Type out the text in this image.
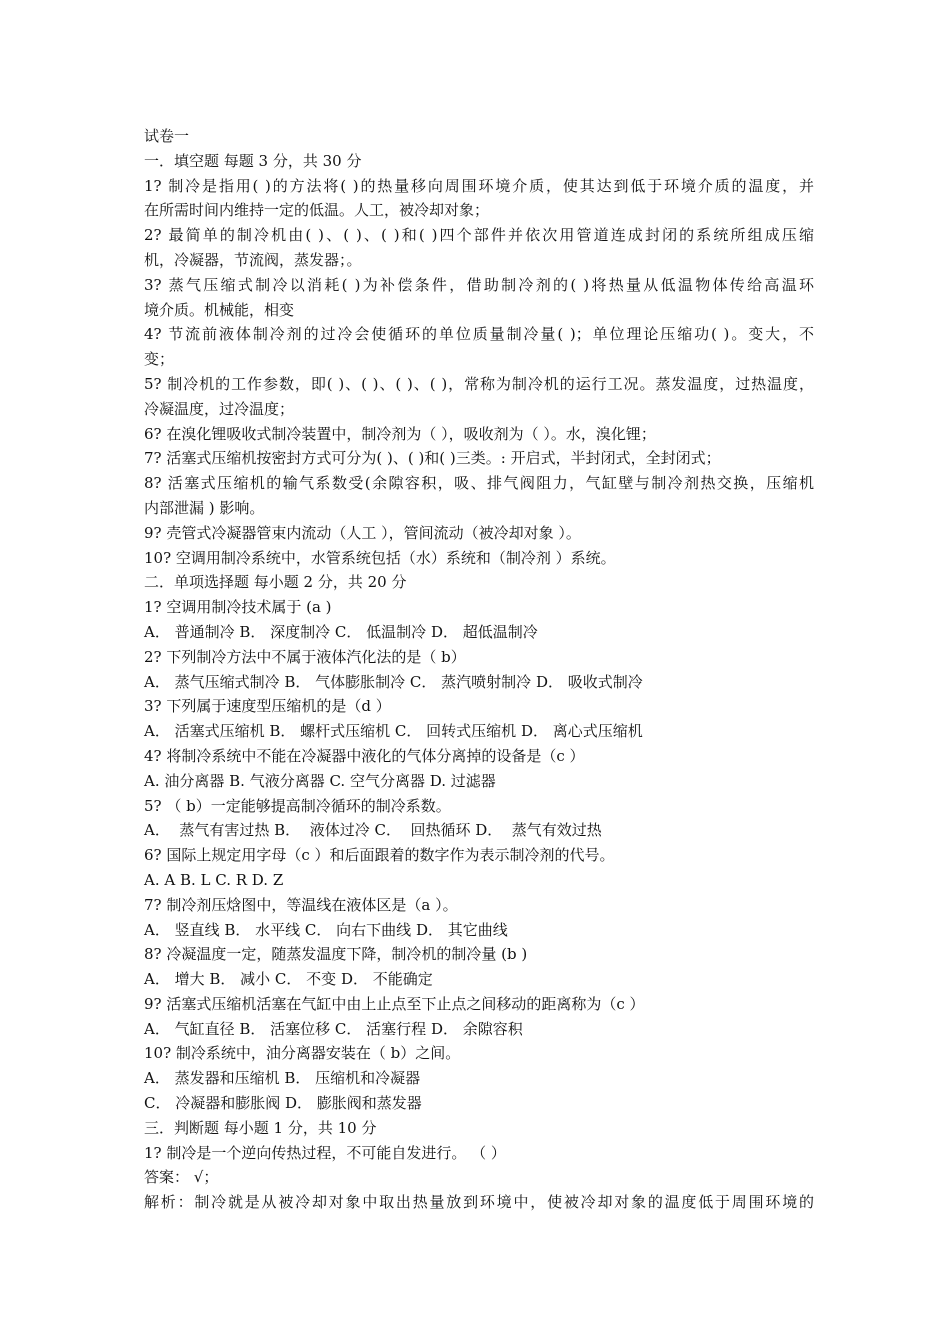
试卷一

一．填空题 每题 3 分，共 30 分

1? 制冷是指用( )的方法将( )的热量移向周围环境介质，使其达到低于环境介质的温度，并

在所需时间内维持一定的低温。人工，被冷却对象；

2? 最简单的制冷机由( )、( )、( )和( )四个部件并依次用管道连成封闭的系统所组成压缩

机，冷凝器，节流阀，蒸发器；。

3? 蒸气压缩式制冷以消耗( )为补偿条件，借助制冷剂的( )将热量从低温物体传给高温环

境介质。机械能，相变

4? 节流前液体制冷剂的过冷会使循环的单位质量制冷量( )；单位理论压缩功( )。变大，不

变；

5? 制冷机的工作参数，即( )、( )、( )、( )，常称为制冷机的运行工况。蒸发温度，过热温度，

冷凝温度，过冷温度；

6? 在溴化锂吸收式制冷装置中，制冷剂为（ ），吸收剂为（ ）。水，溴化锂；

7? 活塞式压缩机按密封方式可分为( )、( )和( )三类。: 开启式，半封闭式，全封闭式；

8? 活塞式压缩机的输气系数受(余隙容积，吸、排气阀阻力，气缸壁与制冷剂热交换，压缩机

内部泄漏 ) 影响。

9? 壳管式冷凝器管束内流动（人工 ），管间流动（被冷却对象 ）。

10? 空调用制冷系统中，水管系统包括（水）系统和（制冷剂 ）系统。

二．单项选择题 每小题 2 分，共 20 分

1? 空调用制冷技术属于 (a )

A． 普通制冷 B． 深度制冷 C． 低温制冷 D． 超低温制冷

2? 下列制冷方法中不属于液体汽化法的是（ b）

A． 蒸气压缩式制冷 B． 气体膨胀制冷 C． 蒸汽喷射制冷 D． 吸收式制冷

3? 下列属于速度型压缩机的是（d ）

A． 活塞式压缩机 B． 螺杆式压缩机 C． 回转式压缩机 D． 离心式压缩机

4? 将制冷系统中不能在冷凝器中液化的气体分离掉的设备是（c ）

A. 油分离器 B. 气液分离器 C. 空气分离器 D. 过滤器

5? （ b）一定能够提高制冷循环的制冷系数。

A．  蒸气有害过热 B．  液体过冷 C．  回热循环 D．  蒸气有效过热

6? 国际上规定用字母（c ）和后面跟着的数字作为表示制冷剂的代号。

A. A B. L C. R D. Z

7? 制冷剂压焓图中，等温线在液体区是（a ）。

A． 竖直线 B． 水平线 C． 向右下曲线 D． 其它曲线

8? 冷凝温度一定，随蒸发温度下降，制冷机的制冷量 (b )

A． 增大 B． 减小 C． 不变 D． 不能确定

9? 活塞式压缩机活塞在气缸中由上止点至下止点之间移动的距离称为（c ）

A． 气缸直径 B． 活塞位移 C． 活塞行程 D． 余隙容积

10? 制冷系统中，油分离器安装在（ b）之间。

A． 蒸发器和压缩机 B． 压缩机和冷凝器

C． 冷凝器和膨胀阀 D． 膨胀阀和蒸发器

三．判断题 每小题 1 分，共 10 分

1? 制冷是一个逆向传热过程，不可能自发进行。 （ ）

答案： √；

解析：制冷就是从被冷却对象中取出热量放到环境中，使被冷却对象的温度低于周围环境的
